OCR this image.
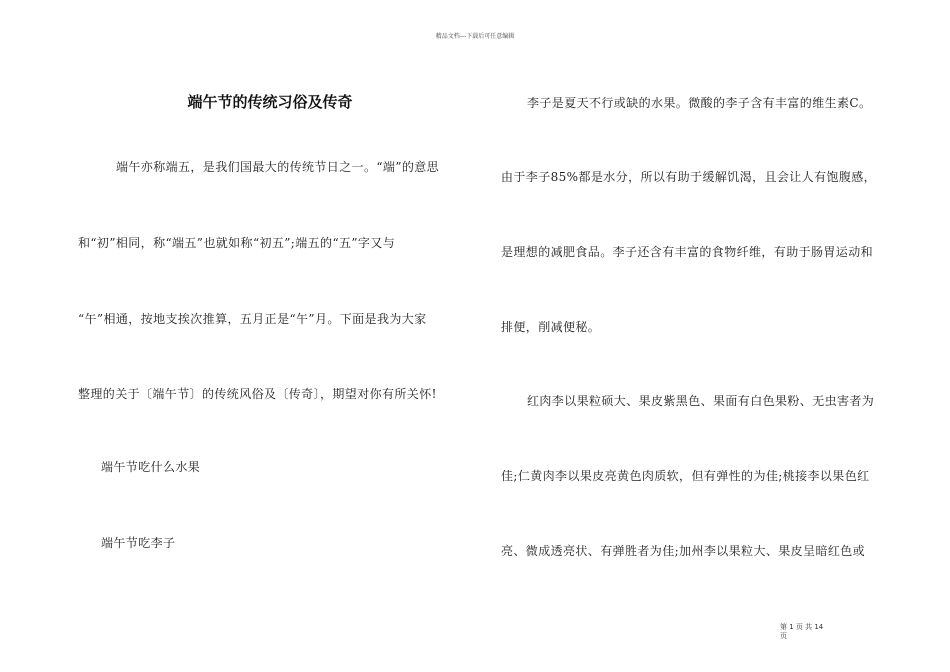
精品文档---下载后可任意编辑
端午节的传统习俗及传奇
端午亦称端五，是我们国最大的传统节日之一。“端”的意思
和“初”相同，称“端五”也就如称“初五”;端五的“五”字又与
“午”相通，按地支挨次推算，五月正是“午”月。下面是我为大家
整理的关于〔端午节〕的传统风俗及〔传奇〕，期望对你有所关怀!
端午节吃什么水果
端午节吃李子
李子是夏天不行或缺的水果。微酸的李子含有丰富的维生素C。
由于李子85%都是水分，所以有助于缓解饥渴，且会让人有饱腹感，
是理想的减肥食品。李子还含有丰富的食物纤维，有助于肠胃运动和
排便，削减便秘。
红肉李以果粒硕大、果皮紫黑色、果面有白色果粉、无虫害者为
佳;仁黄肉李以果皮亮黄色肉质软，但有弹性的为佳;桃接李以果色红
亮、微成透亮状、有弹胜者为佳;加州李以果粒大、果皮呈暗红色或
第 1 页 共 14
页
